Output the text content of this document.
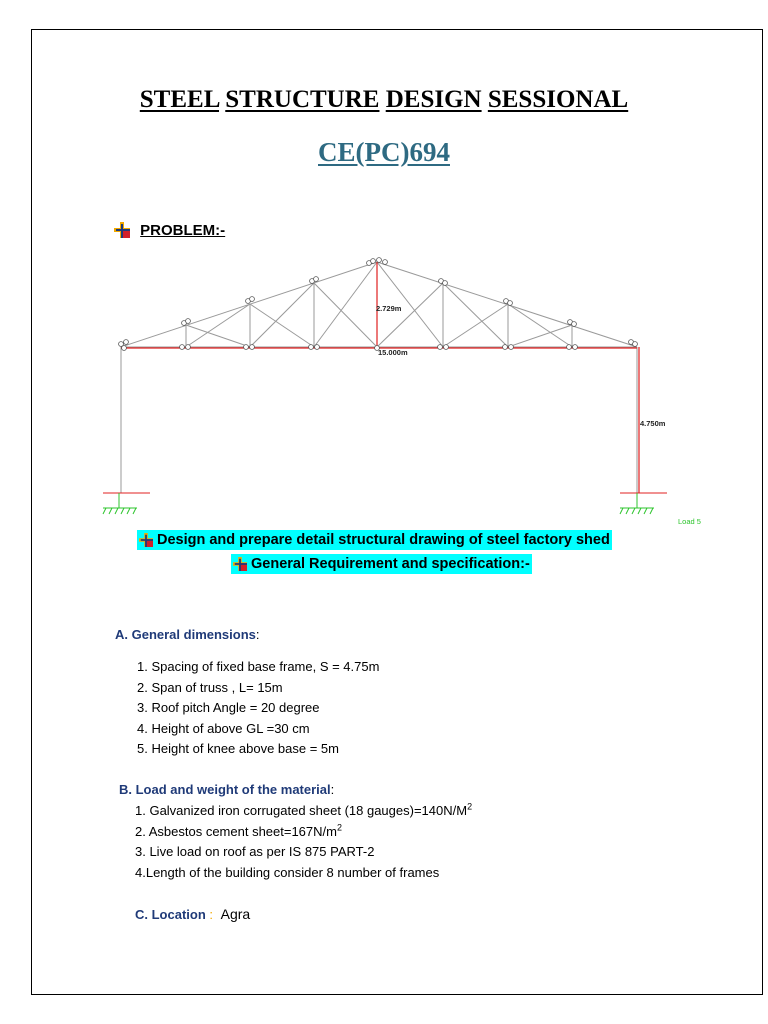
STEEL STRUCTURE DESIGN SESSIONAL
CE(PC)694
PROBLEM:-
2.729m
15.000m
4.750m
Load 5
Design and prepare detail structural drawing of steel factory shed
General Requirement and specification:-
A. General dimensions:
1. Spacing of fixed base frame, S = 4.75m
2. Span of truss , L= 15m
3. Roof pitch Angle = 20 degree
4. Height of above GL =30 cm
5. Height of knee above base = 5m
B. Load and weight of the material:
1. Galvanized iron corrugated sheet (18 $gauges)=140N/M^2$
2. Asbestos cement $sheet=167N/m^2$
3. Live load on roof as per IS 875 PART-2
4.Length of the building consider 8 number of frames
C. Location : Agra
